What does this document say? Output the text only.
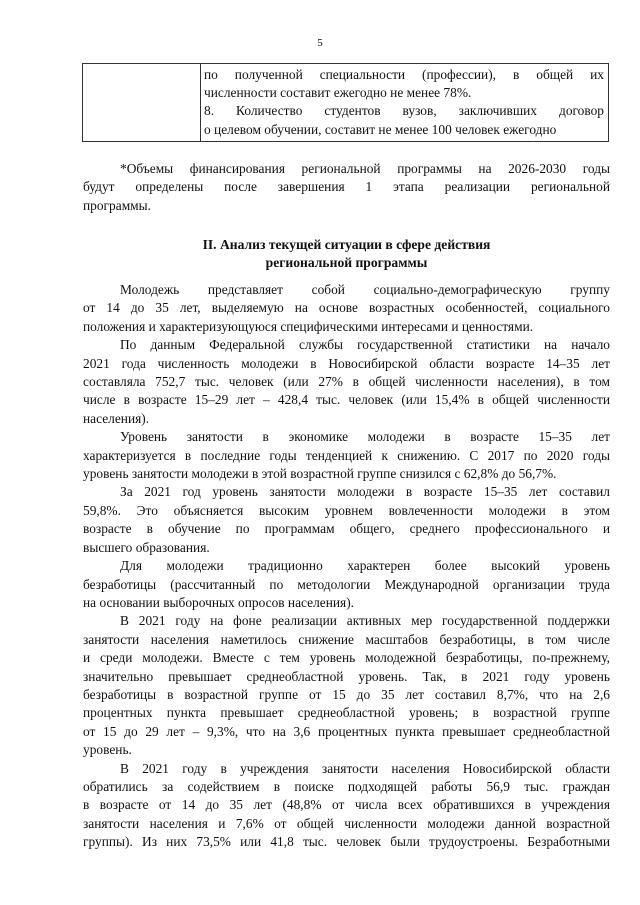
5

по полученной специальности (профессии), в общей их
численности составит ежегодно не менее 78%.
8. Количество студентов вузов, заключивших договор
о целевом обучении, составит не менее 100 человек ежегодно
*Объемы финансирования региональной программы на 2026-2030 годы
будут определены после завершения 1 этапа реализации региональной
программы.
II. Анализ текущей ситуации в сфере действия
региональной программы
Молодежь представляет собой социально-демографическую группу
от 14 до 35 лет, выделяемую на основе возрастных особенностей, социального
положения и характеризующуюся специфическими интересами и ценностями.
По данным Федеральной службы государственной статистики на начало
2021 года численность молодежи в Новосибирской области возрасте 14–35 лет
составляла 752,7 тыс. человек (или 27% в общей численности населения), в том
числе в возрасте 15–29 лет – 428,4 тыс. человек (или 15,4% в общей численности
населения).
Уровень занятости в экономике молодежи в возрасте 15–35 лет
характеризуется в последние годы тенденцией к снижению. С 2017 по 2020 годы
уровень занятости молодежи в этой возрастной группе снизился с 62,8% до 56,7%.
За 2021 год уровень занятости молодежи в возрасте 15–35 лет составил
59,8%. Это объясняется высоким уровнем вовлеченности молодежи в этом
возрасте в обучение по программам общего, среднего профессионального и
высшего образования.
Для молодежи традиционно характерен более высокий уровень
безработицы (рассчитанный по методологии Международной организации труда
на основании выборочных опросов населения).
В 2021 году на фоне реализации активных мер государственной поддержки
занятости населения наметилось снижение масштабов безработицы, в том числе
и среди молодежи. Вместе с тем уровень молодежной безработицы, по-прежнему,
значительно превышает среднеобластной уровень. Так, в 2021 году уровень
безработицы в возрастной группе от 15 до 35 лет составил 8,7%, что на 2,6
процентных пункта превышает среднеобластной уровень; в возрастной группе
от 15 до 29 лет – 9,3%, что на 3,6 процентных пункта превышает среднеобластной
уровень.
В 2021 году в учреждения занятости населения Новосибирской области
обратились за содействием в поиске подходящей работы 56,9 тыс. граждан
в возрасте от 14 до 35 лет (48,8% от числа всех обратившихся в учреждения
занятости населения и 7,6% от общей численности молодежи данной возрастной
группы). Из них 73,5% или 41,8 тыс. человек были трудоустроены. Безработными
